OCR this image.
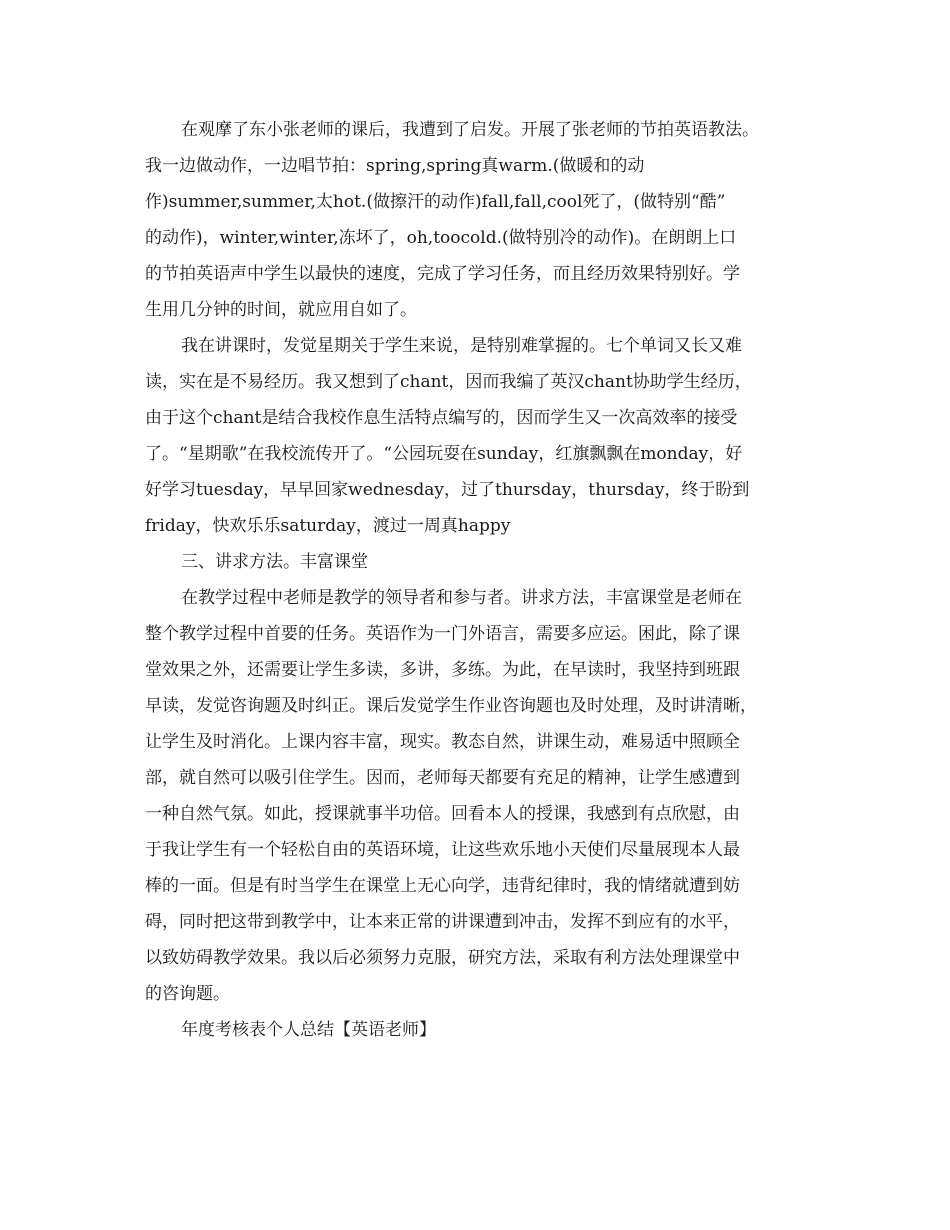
在观摩了东小张老师的课后，我遭到了启发。开展了张老师的节拍英语教法。
我一边做动作，一边唱节拍：spring,spring真warm.(做暖和的动
作)summer,summer,太hot.(做擦汗的动作)fall,fall,cool死了，(做特别“酷”
的动作)，winter,winter,冻坏了，oh,toocold.(做特别冷的动作)。在朗朗上口
的节拍英语声中学生以最快的速度，完成了学习任务，而且经历效果特别好。学
生用几分钟的时间，就应用自如了。
我在讲课时，发觉星期关于学生来说，是特别难掌握的。七个单词又长又难
读，实在是不易经历。我又想到了chant，因而我编了英汉chant协助学生经历，
由于这个chant是结合我校作息生活特点编写的，因而学生又一次高效率的接受
了。“星期歌”在我校流传开了。“公园玩耍在sunday，红旗飘飘在monday，好
好学习tuesday，早早回家wednesday，过了thursday，thursday，终于盼到
friday，快欢乐乐saturday，渡过一周真happy
三、讲求方法。丰富课堂
在教学过程中老师是教学的领导者和参与者。讲求方法，丰富课堂是老师在
整个教学过程中首要的任务。英语作为一门外语言，需要多应运。困此，除了课
堂效果之外，还需要让学生多读，多讲，多练。为此，在早读时，我坚持到班跟
早读，发觉咨询题及时纠正。课后发觉学生作业咨询题也及时处理，及时讲清晰，
让学生及时消化。上课内容丰富，现实。教态自然，讲课生动，难易适中照顾全
部，就自然可以吸引住学生。因而，老师每天都要有充足的精神，让学生感遭到
一种自然气氛。如此，授课就事半功倍。回看本人的授课，我感到有点欣慰，由
于我让学生有一个轻松自由的英语环境，让这些欢乐地小天使们尽量展现本人最
棒的一面。但是有时当学生在课堂上无心向学，违背纪律时，我的情绪就遭到妨
碍，同时把这带到教学中，让本来正常的讲课遭到冲击，发挥不到应有的水平，
以致妨碍教学效果。我以后必须努力克服，研究方法，采取有利方法处理课堂中
的咨询题。
年度考核表个人总结【英语老师】
